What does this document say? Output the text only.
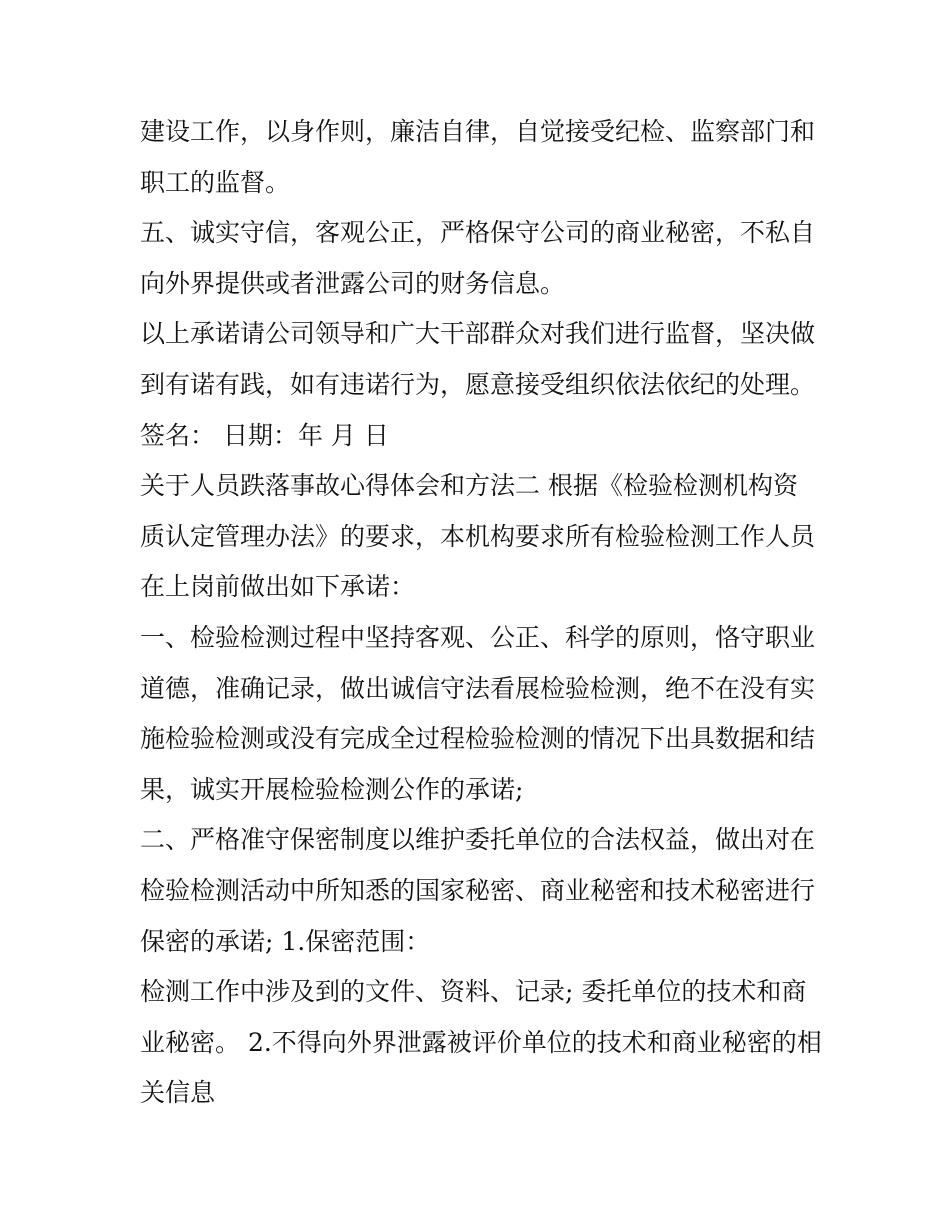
建设工作，以身作则，廉洁自律，自觉接受纪检、监察部门和
职工的监督。
五、诚实守信，客观公正，严格保守公司的商业秘密，不私自
向外界提供或者泄露公司的财务信息。
以上承诺请公司领导和广大干部群众对我们进行监督，坚决做
到有诺有践，如有违诺行为，愿意接受组织依法依纪的处理。
签名： 日期：年 月 日
关于人员跌落事故心得体会和方法二 根据《检验检测机构资
质认定管理办法》的要求，本机构要求所有检验检测工作人员
在上岗前做出如下承诺：
一、检验检测过程中坚持客观、公正、科学的原则，恪守职业
道德，准确记录，做出诚信守法看展检验检测，绝不在没有实
施检验检测或没有完成全过程检验检测的情况下出具数据和结
果，诚实开展检验检测公作的承诺;
二、严格准守保密制度以维护委托单位的合法权益，做出对在
检验检测活动中所知悉的国家秘密、商业秘密和技术秘密进行
保密的承诺; 1.保密范围：
检测工作中涉及到的文件、资料、记录; 委托单位的技术和商
业秘密。 2.不得向外界泄露被评价单位的技术和商业秘密的相
关信息
